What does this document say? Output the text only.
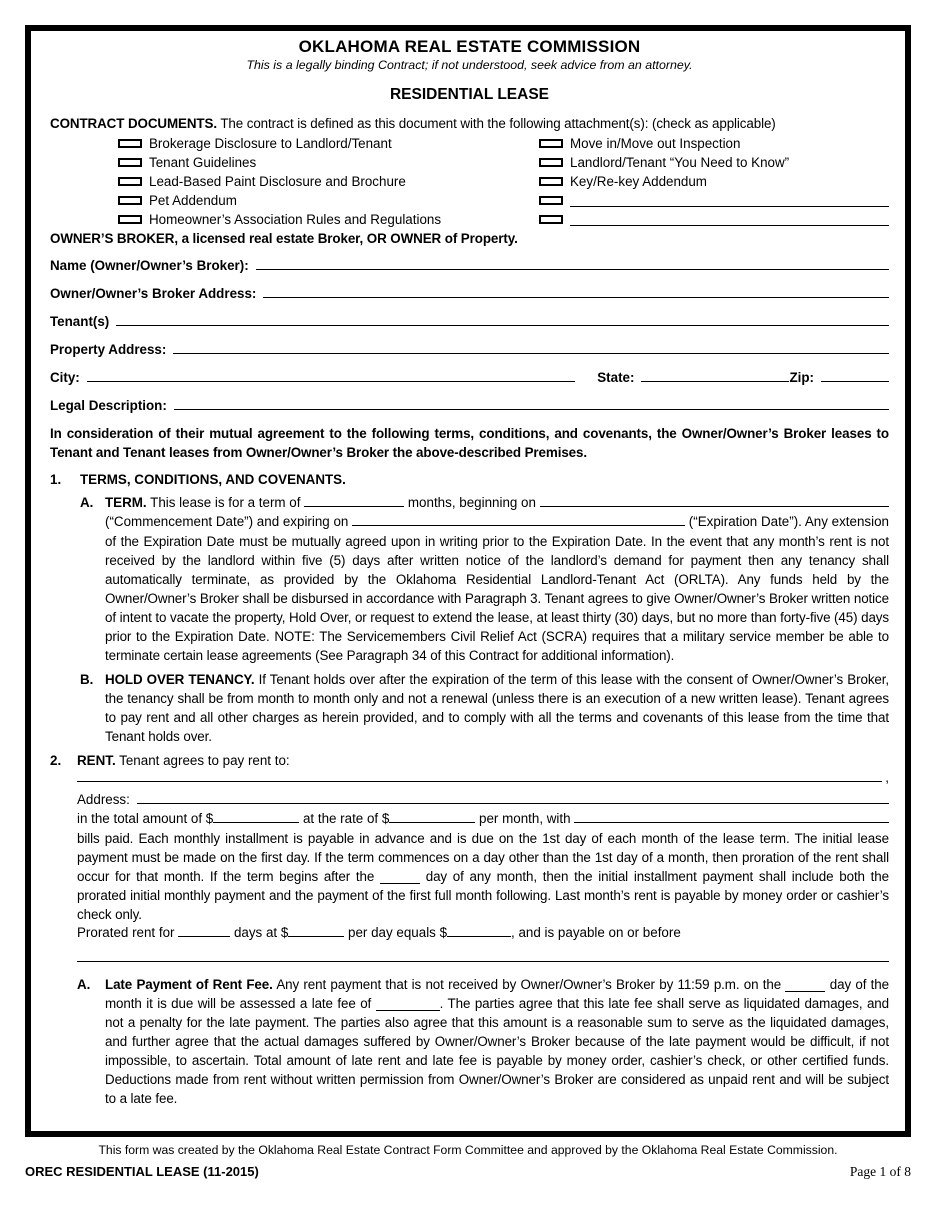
OKLAHOMA REAL ESTATE COMMISSION
This is a legally binding Contract; if not understood, seek advice from an attorney.
RESIDENTIAL LEASE
CONTRACT DOCUMENTS. The contract is defined as this document with the following attachment(s): (check as applicable)
Brokerage Disclosure to Landlord/Tenant	Move in/Move out Inspection
Tenant Guidelines	Landlord/Tenant “You Need to Know”
Lead-Based Paint Disclosure and Brochure	Key/Re-key Addendum
Pet Addendum
Homeowner’s Association Rules and Regulations
OWNER’S BROKER, a licensed real estate Broker, OR OWNER of Property.
Name (Owner/Owner’s Broker):
Owner/Owner’s Broker Address:
Tenant(s)
Property Address:
City:	State:	Zip:
Legal Description:
In consideration of their mutual agreement to the following terms, conditions, and covenants, the Owner/Owner’s Broker leases to Tenant and Tenant leases from Owner/Owner’s Broker the above-described Premises.
1.	TERMS, CONDITIONS, AND COVENANTS.
A. TERM. This lease is for a term of	months, beginning on
(“Commencement Date”) and expiring on	(“Expiration Date”). Any extension
of the Expiration Date must be mutually agreed upon in writing prior to the Expiration Date. In the event that any month’s rent is not received by the landlord within five (5) days after written notice of the landlord’s demand for payment then any tenancy shall automatically terminate, as provided by the Oklahoma Residential Landlord-Tenant Act (ORLTA). Any funds held by the Owner/Owner’s Broker shall be disbursed in accordance with Paragraph 3. Tenant agrees to give Owner/Owner’s Broker written notice of intent to vacate the property, Hold Over, or request to extend the lease, at least thirty (30) days, but no more than forty-five (45) days prior to the Expiration Date. NOTE: The Servicemembers Civil Relief Act (SCRA) requires that a military service member be able to terminate certain lease agreements (See Paragraph 34 of this Contract for additional information).
B. HOLD OVER TENANCY. If Tenant holds over after the expiration of the term of this lease with the consent of Owner/Owner’s Broker, the tenancy shall be from month to month only and not a renewal (unless there is an execution of a new written lease). Tenant agrees to pay rent and all other charges as herein provided, and to comply with all the terms and covenants of this lease from the time that Tenant holds over.
2.	RENT. Tenant agrees to pay rent to:
,
Address:
in the total amount of $	at the rate of $	per month, with
bills paid. Each monthly installment is payable in advance and is due on the 1st day of each month of the lease term. The initial lease payment must be made on the first day. If the term commences on a day other than the 1st day of a month, then proration of the rent shall occur for that month. If the term begins after the	day of any month, then the initial installment payment shall include both the prorated initial monthly payment and the payment of the first full month following. Last month’s rent is payable by money order or cashier’s check only.
Prorated rent for	days at $	per day equals $	, and is payable on or before
A. Late Payment of Rent Fee. Any rent payment that is not received by Owner/Owner’s Broker by 11:59 p.m. on the	day of the month it is due will be assessed a late fee of	. The parties agree that this late fee shall serve as liquidated damages, and not a penalty for the late payment. The parties also agree that this amount is a reasonable sum to serve as the liquidated damages, and further agree that the actual damages suffered by Owner/Owner’s Broker because of the late payment would be difficult, if not impossible, to ascertain. Total amount of late rent and late fee is payable by money order, cashier’s check, or other certified funds. Deductions made from rent without written permission from Owner/Owner’s Broker are considered as unpaid rent and will be subject to a late fee.
This form was created by the Oklahoma Real Estate Contract Form Committee and approved by the Oklahoma Real Estate Commission.
OREC RESIDENTIAL LEASE (11-2015)	Page 1 of 8
